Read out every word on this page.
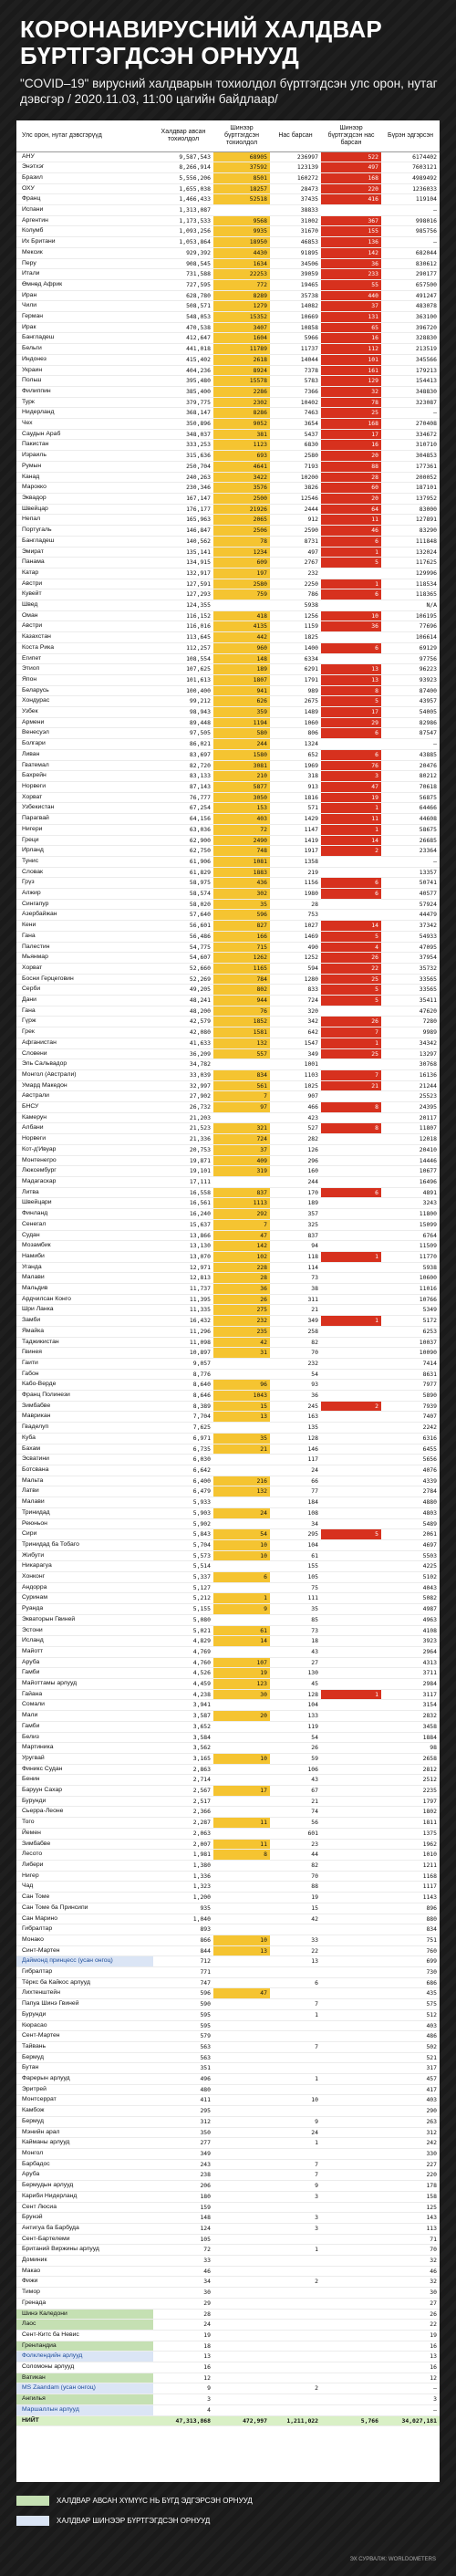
КОРОНАВИРУСНИЙ ХАЛДВАР БҮРТГЭГДСЭН ОРНУУД
"COVID–19" вирусний халдварын тохиолдол бүртгэгдсэн улс орон, нутаг дэвсгэр / 2020.11.03, 11:00 цагийн байдлаар/
Улс орон, нутаг дэвсгэрүүд	Халдвар авсан тохиолдол	Шинээр бүртгэгдсэн тохиолдол	Нас барсан	Шинээр бүртгэгдсэн нас барсан	Бүрэн эдгэрсэн
АНУ	9,587,543	68905	236997	522	6174402
Энэтхэг	8,266,914	37592	123139	497	7603121
Бразил	5,556,206	8501	160272	168	4989492
ОХУ	1,655,038	18257	28473	220	1236033
Франц	1,466,433	52518	37435	416	119104
Испани	1,313,087		38833		–
Аргентин	1,173,533	9568	31002	367	998016
Колумб	1,093,256	9935	31670	155	985756
Их Британи	1,053,864	18950	46853	136	–
Мексик	929,392	4430	91895	142	682044
Перу	908,545	1634	34506	36	830612
Итали	731,588	22253	39059	233	290177
Өмнөд Африк	727,595	772	19465	55	657500
Иран	628,780	8289	35738	440	491247
Чили	508,571	1279	14082	37	483078
Герман	548,053	15352	10669	131	363100
Ирак	470,538	3407	10858	65	396720
Бангладеш	412,647	1604	5966	16	328830
Бельги	441,018	11789	11737	112	213519
Индонез	415,402	2618	14044	101	345566
Украин	404,236	8924	7378	161	179213
Польш	395,480	15578	5783	129	154413
Филиппин	385,400	2286	7366	32	348830
Турк	379,775	2302	10402	78	323087
Нидерланд	368,147	8286	7463	25	–
Чех	350,896	9052	3654	168	270408
Саудын Араб	348,037	381	5437	17	334672
Пакистан	333,253	1123	6830	16	310710
Израиль	315,636	693	2580	20	304853
Румын	250,704	4641	7193	88	177361
Канад	240,263	3422	10200	28	200052
Марокко	230,346	3576	3826	60	187101
Эквадор	167,147	2500	12546	20	137952
Швейцар	176,177	21926	2444	64	83000
Непал	165,963	2065	912	11	127891
Португаль	146,847	2506	2590	46	83290
Бангладеш	140,562	78	8731	6	111848
Эмират	135,141	1234	497	1	132024
Панама	134,915	609	2767	5	117625
Катар	132,917	197	232		129996
Австри	127,591	2580	2250	1	118534
Кувейт	127,293	759	786	6	118365
Швед	124,355		5938		N/A
Оман	116,152	418	1256	10	106195
Австри	116,016	4135	1159	36	77696
Казахстан	113,645	442	1825		106614
Коста Рика	112,257	960	1400	6	69129
Египет	108,554	148	6334		97756
Этиоп	107,625	189	6291	13	96223
Япон	101,613	1807	1791	13	93923
Беларусь	100,400	941	989	8	87400
Хондурас	99,212	626	2675	5	43957
Узбек	98,943	359	1489	17	54005
Армени	89,448	1194	1060	29	82986
Венесуэл	97,505	580	806	6	87547
Болгари	86,021	244	1324		–
Ливан	83,697	1580	652	6	43885
Гватемал	82,720	3081	1969	76	20476
Бахрейн	83,133	210	318	3	80212
Норвеги	87,143	5877	913	47	70618
Хорват	76,777	3050	1816	19	56875
Узбекистан	67,254	153	571	1	64466
Парагвай	64,156	403	1429	11	44608
Нигери	63,036	72	1147	1	58675
Греци	62,900	2490	1419	14	26685
Ирланд	62,750	748	1917	2	23364
Тунис	61,906	1081	1358		–
Словак	61,829	1883	219		13357
Грүз	58,975	436	1156	6	50741
Алжир	58,574	302	1980	6	40577
Сингапур	58,020	35	28		57924
Азербайжан	57,640	596	753		44479
Кени	56,601	827	1027	14	37342
Гана	56,486	166	1469	5	54933
Палестин	54,775	715	490	4	47095
Мьянмар	54,607	1262	1252	26	37954
Хорват	52,660	1165	594	22	35732
Босни Герцеговин	52,269	784	1280	25	33565
Серби	49,205	802	833	5	33565
Дани	48,241	944	724	5	35411
Гана	48,200	76	320		47620
Гүрж	42,579	1852	342	26	7280
Грек	42,080	1581	642	7	9989
Афганистан	41,633	132	1547	1	34342
Словени	36,209	557	349	25	13297
Эль Сальвадор	34,782		1001		30768
Монгол (Австрали)	33,039	834	1103	7	16136
Умард Македон	32,997	561	1025	21	21244
Австрали	27,902	7	907		25523
БНСУ	26,732	97	466	8	24395
Камерун	21,203		423		20117
Албани	21,523	321	527	8	11807
Норвеги	21,336	724	282		12018
Кот-д'Ивуар	20,753	37	126		20410
Монтенегро	19,871	409	296		14446
Люксембург	19,101	319	160		10677
Мадагаскар	17,111		244		16496
Литва	16,558	837	170	6	4891
Швейцари	16,561	1113	189		3243
Финланд	16,240	292	357		11800
Сенегал	15,637	7	325		15099
Судан	13,866	47	837		6764
Мозамбик	13,130	142	94		11509
Намиби	13,070	102	118	1	11770
Уганда	12,971	228	114		5938
Малави	12,813	28	73		10600
Мальдив	11,737	36	38		11016
Ардчилсан Конго	11,395	26	311		10766
Шри Ланка	11,335	275	21		5349
Замби	16,432	232	349	1	5172
Ямайка	11,296	235	258		6253
Таджикистан	11,098	42	82		10037
Гвинея	10,897	31	70		10090
Гаити	9,057		232		7414
Габон	8,776		54		8631
Кабо-Верде	8,640	96	93		7977
Франц Полинези	8,646	1043	36		5890
Зимбабве	8,389	15	245	2	7939
Маврикан	7,704	13	163		7407
Гваделуп	7,625		135		2242
Куба	6,971	35	128		6316
Бахам	6,735	21	146		6455
Эсватини	6,030		117		5656
Ботсвана	6,642		24		4076
Мальта	6,400	216	66		4339
Латви	6,479	132	77		2784
Малави	5,933		184		4880
Тринидад	5,903	24	108		4803
Реюньон	5,902		34		5489
Сири	5,843	54	295	5	2061
Тринидад ба Тобаго	5,704	10	104		4697
Жибути	5,573	10	61		5503
Никарагуа	5,514		155		4225
Хонконг	5,337	6	105		5102
Андорра	5,127		75		4043
Суринам	5,212	1	111		5082
Руанда	5,155	9	35		4987
Экваторын Гвиней	5,080		85		4963
Эстони	5,021	61	73		4108
Исланд	4,829	14	18		3923
Майотт	4,769		43		2964
Аруба	4,760	107	27		4313
Гамби	4,526	19	130		3711
Майоттамы арлууд	4,459	123	45		2984
Гайана	4,238	30	128	1	3117
Сомали	3,941		104		3154
Мали	3,587	20	133		2832
Гамби	3,652		119		3458
Белиз	3,584		54		1884
Мартиника	3,562		26		98
Уругвай	3,165	10	59		2658
Финикс Судан	2,863		106		2812
Бенин	2,714		43		2512
Баруун Сахар	2,567	17	67		2235
Бурунди	2,517		21		1797
Сьерра-Леоне	2,366		74		1802
Того	2,287	11	56		1811
Йемен	2,063		601		1375
Зимбабве	2,007	11	23		1962
Лесото	1,981	8	44		1010
Либери	1,380		82		1211
Нигер	1,336		70		1168
Чад	1,323		88		1117
Сан Томе	1,200		19		1143
Сан Томе ба Принсипи	935		15		896
Сан Марино	1,040		42		880
Гибралтар	893				834
Монако	866	10	33		751
Синт-Мартен	844	13	22		760
Даймонд принцесс (усан онгоц)	712		13		699
Гибралтар	771				730
Тёркс ба Кайкос арлууд	747		6		686
Лихтенштейн	596	47			435
Папуа Шинэ Гвиней	590		7		575
Бурунди	595		1		512
Кюрасао	595				403
Сент-Мартен	579				486
Тайвань	563		7		502
Бермуд	563				521
Бутан	351				317
Фарерын арлууд	496		1		457
Эритрей	480				417
Монтсеррат	411		10		403
Камбож	295				290
Бермуд	312		9		263
Мэнийн арал	350		24		312
Кайманы арлууд	277		1		242
Монгол	349				330
Барбадос	243		7		227
Аруба	238		7		220
Бермудын арлууд	206		9		178
Кариби Нидерланд	180		3		158
Сент Люсиа	159				125
Брунэй	148		3		143
Антигуа ба Барбуда	124		3		113
Сент-Бартелеми	105				71
Британий Виржины арлууд	72		1		70
Доминик	33				32
Макао	46				46
Фижи	34		2		32
Тимор	30				30
Гренада	29				27
Шинэ Каледони	28				26
Лаос	24				22
Сент-Китс ба Невис	19				19
Гренландиа	18				16
Фолклендийн арлууд	13				13
Соломоны арлууд	16				16
Ватикан	12				12
MS Zaandam (усан онгоц)	9		2		–
Ангилья	3				3
Маршаллын арлууд	4				–
НИЙТ	47,313,868	472,997	1,211,022	5,766	34,027,181
ХАЛДВАР АВСАН ХҮМҮҮС НЬ БҮГД ЭДГЭРСЭН ОРНУУД
ХАЛДВАР ШИНЭЭР БҮРТГЭГДСЭН ОРНУУД
ЭХ СУРВАЛЖ: WORLDOMETERS
